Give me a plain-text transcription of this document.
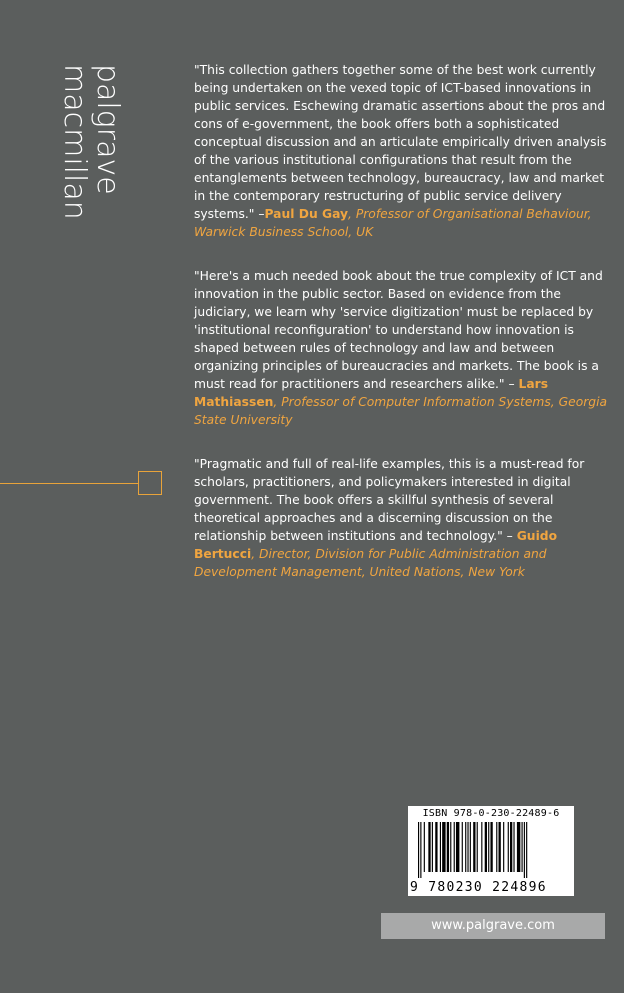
palgrave
macmillan	"This collection gathers together some of the best work currently being undertaken on the vexed topic of ICT-based innovations in public services. Eschewing dramatic assertions about the pros and cons of e-government, the book offers both a sophisticated conceptual discussion and an articulate empirically driven analysis of the various institutional configurations that result from the entanglements between technology, bureaucracy, law and market in the contemporary restructuring of public service delivery systems." –Paul Du Gay, Professor of Organisational Behaviour, Warwick Business School, UK

"Here's a much needed book about the true complexity of ICT and innovation in the public sector. Based on evidence from the judiciary, we learn why 'service digitization' must be replaced by 'institutional reconfiguration' to understand how innovation is shaped between rules of technology and law and between organizing principles of bureaucracies and markets. The book is a must read for practitioners and researchers alike." – Lars Mathiassen, Professor of Computer Information Systems, Georgia State University

"Pragmatic and full of real-life examples, this is a must-read for scholars, practitioners, and policymakers interested in digital government. The book offers a skillful synthesis of several theoretical approaches and a discerning discussion on the relationship between institutions and technology." – Guido Bertucci, Director, Division for Public Administration and Development Management, United Nations, New York

ISBN 978-0-230-22489-6
9 780230 224896
www.palgrave.com
